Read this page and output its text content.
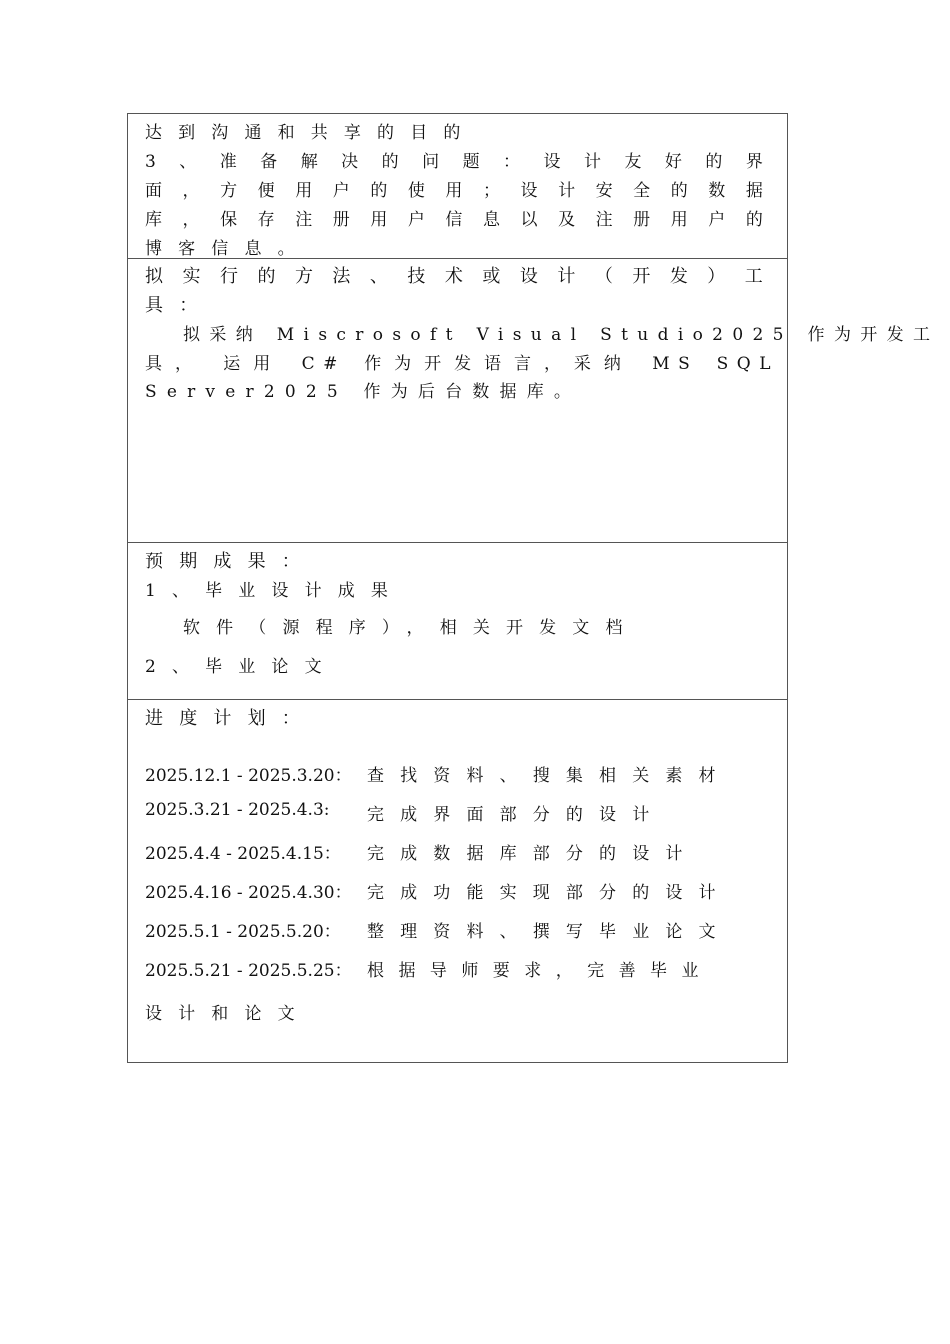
达到沟通和共享的目的
3、准备解决的问题：设计友好的界
面，方便用户的使用；设计安全的数据
库，保存注册用户信息以及注册用户的
博客信息。
拟实行的方法、技术或设计（开发）工
具：
拟采纳 Miscrosoft Visual Studio2025 作为开发工
具， 运用 C# 作为开发语言，采纳 MS SQL
Server2025 作为后台数据库。
预期成果：
1、毕业设计成果
软件（源程序），相关开发文档
2、毕业论文
进度计划：
2025.12.1 - 2025.3.20： 查找资料、搜集相关素材
2025.3.21 - 2025.4.3: 完成界面部分的设计
2025.4.4 - 2025.4.15： 完成数据库部分的设计
2025.4.16 - 2025.4.30： 完成功能实现部分的设计
2025.5.1 - 2025.5.20： 整理资料、撰写毕业论文
2025.5.21 - 2025.5.25： 根据导师要求，完善毕业
设计和论文
